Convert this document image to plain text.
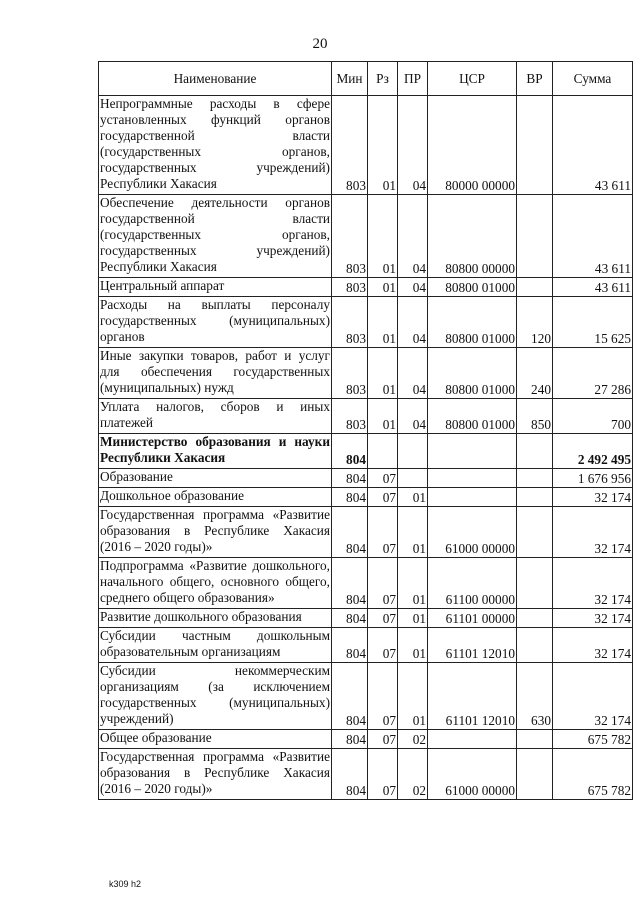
20
Наименование	Мин	Рз	ПР	ЦСР	ВР	Сумма
Непрограммные расходы в сфере установленных функций органов государственной власти (государственных органов, государственных учреждений) Республики Хакасия	803	01	04	80000 00000		43 611
Обеспечение деятельности органов государственной власти (государственных органов, государственных учреждений) Республики Хакасия	803	01	04	80800 00000		43 611
Центральный аппарат	803	01	04	80800 01000		43 611
Расходы на выплаты персоналу государственных (муниципальных) органов	803	01	04	80800 01000	120	15 625
Иные закупки товаров, работ и услуг для обеспечения государственных (муниципальных) нужд	803	01	04	80800 01000	240	27 286
Уплата налогов, сборов и иных платежей	803	01	04	80800 01000	850	700
Министерство образования и науки Республики Хакасия	804					2 492 495
Образование	804	07				1 676 956
Дошкольное образование	804	07	01			32 174
Государственная программа «Развитие образования в Республике Хакасия (2016 – 2020 годы)»	804	07	01	61000 00000		32 174
Подпрограмма «Развитие дошкольного, начального общего, основного общего, среднего общего образования»	804	07	01	61100 00000		32 174
Развитие дошкольного образования	804	07	01	61101 00000		32 174
Субсидии частным дошкольным образовательным организациям	804	07	01	61101 12010		32 174
Субсидии некоммерческим организациям (за исключением государственных (муниципальных) учреждений)	804	07	01	61101 12010	630	32 174
Общее образование	804	07	02			675 782
Государственная программа «Развитие образования в Республике Хакасия (2016 – 2020 годы)»	804	07	02	61000 00000		675 782
k309 h2
